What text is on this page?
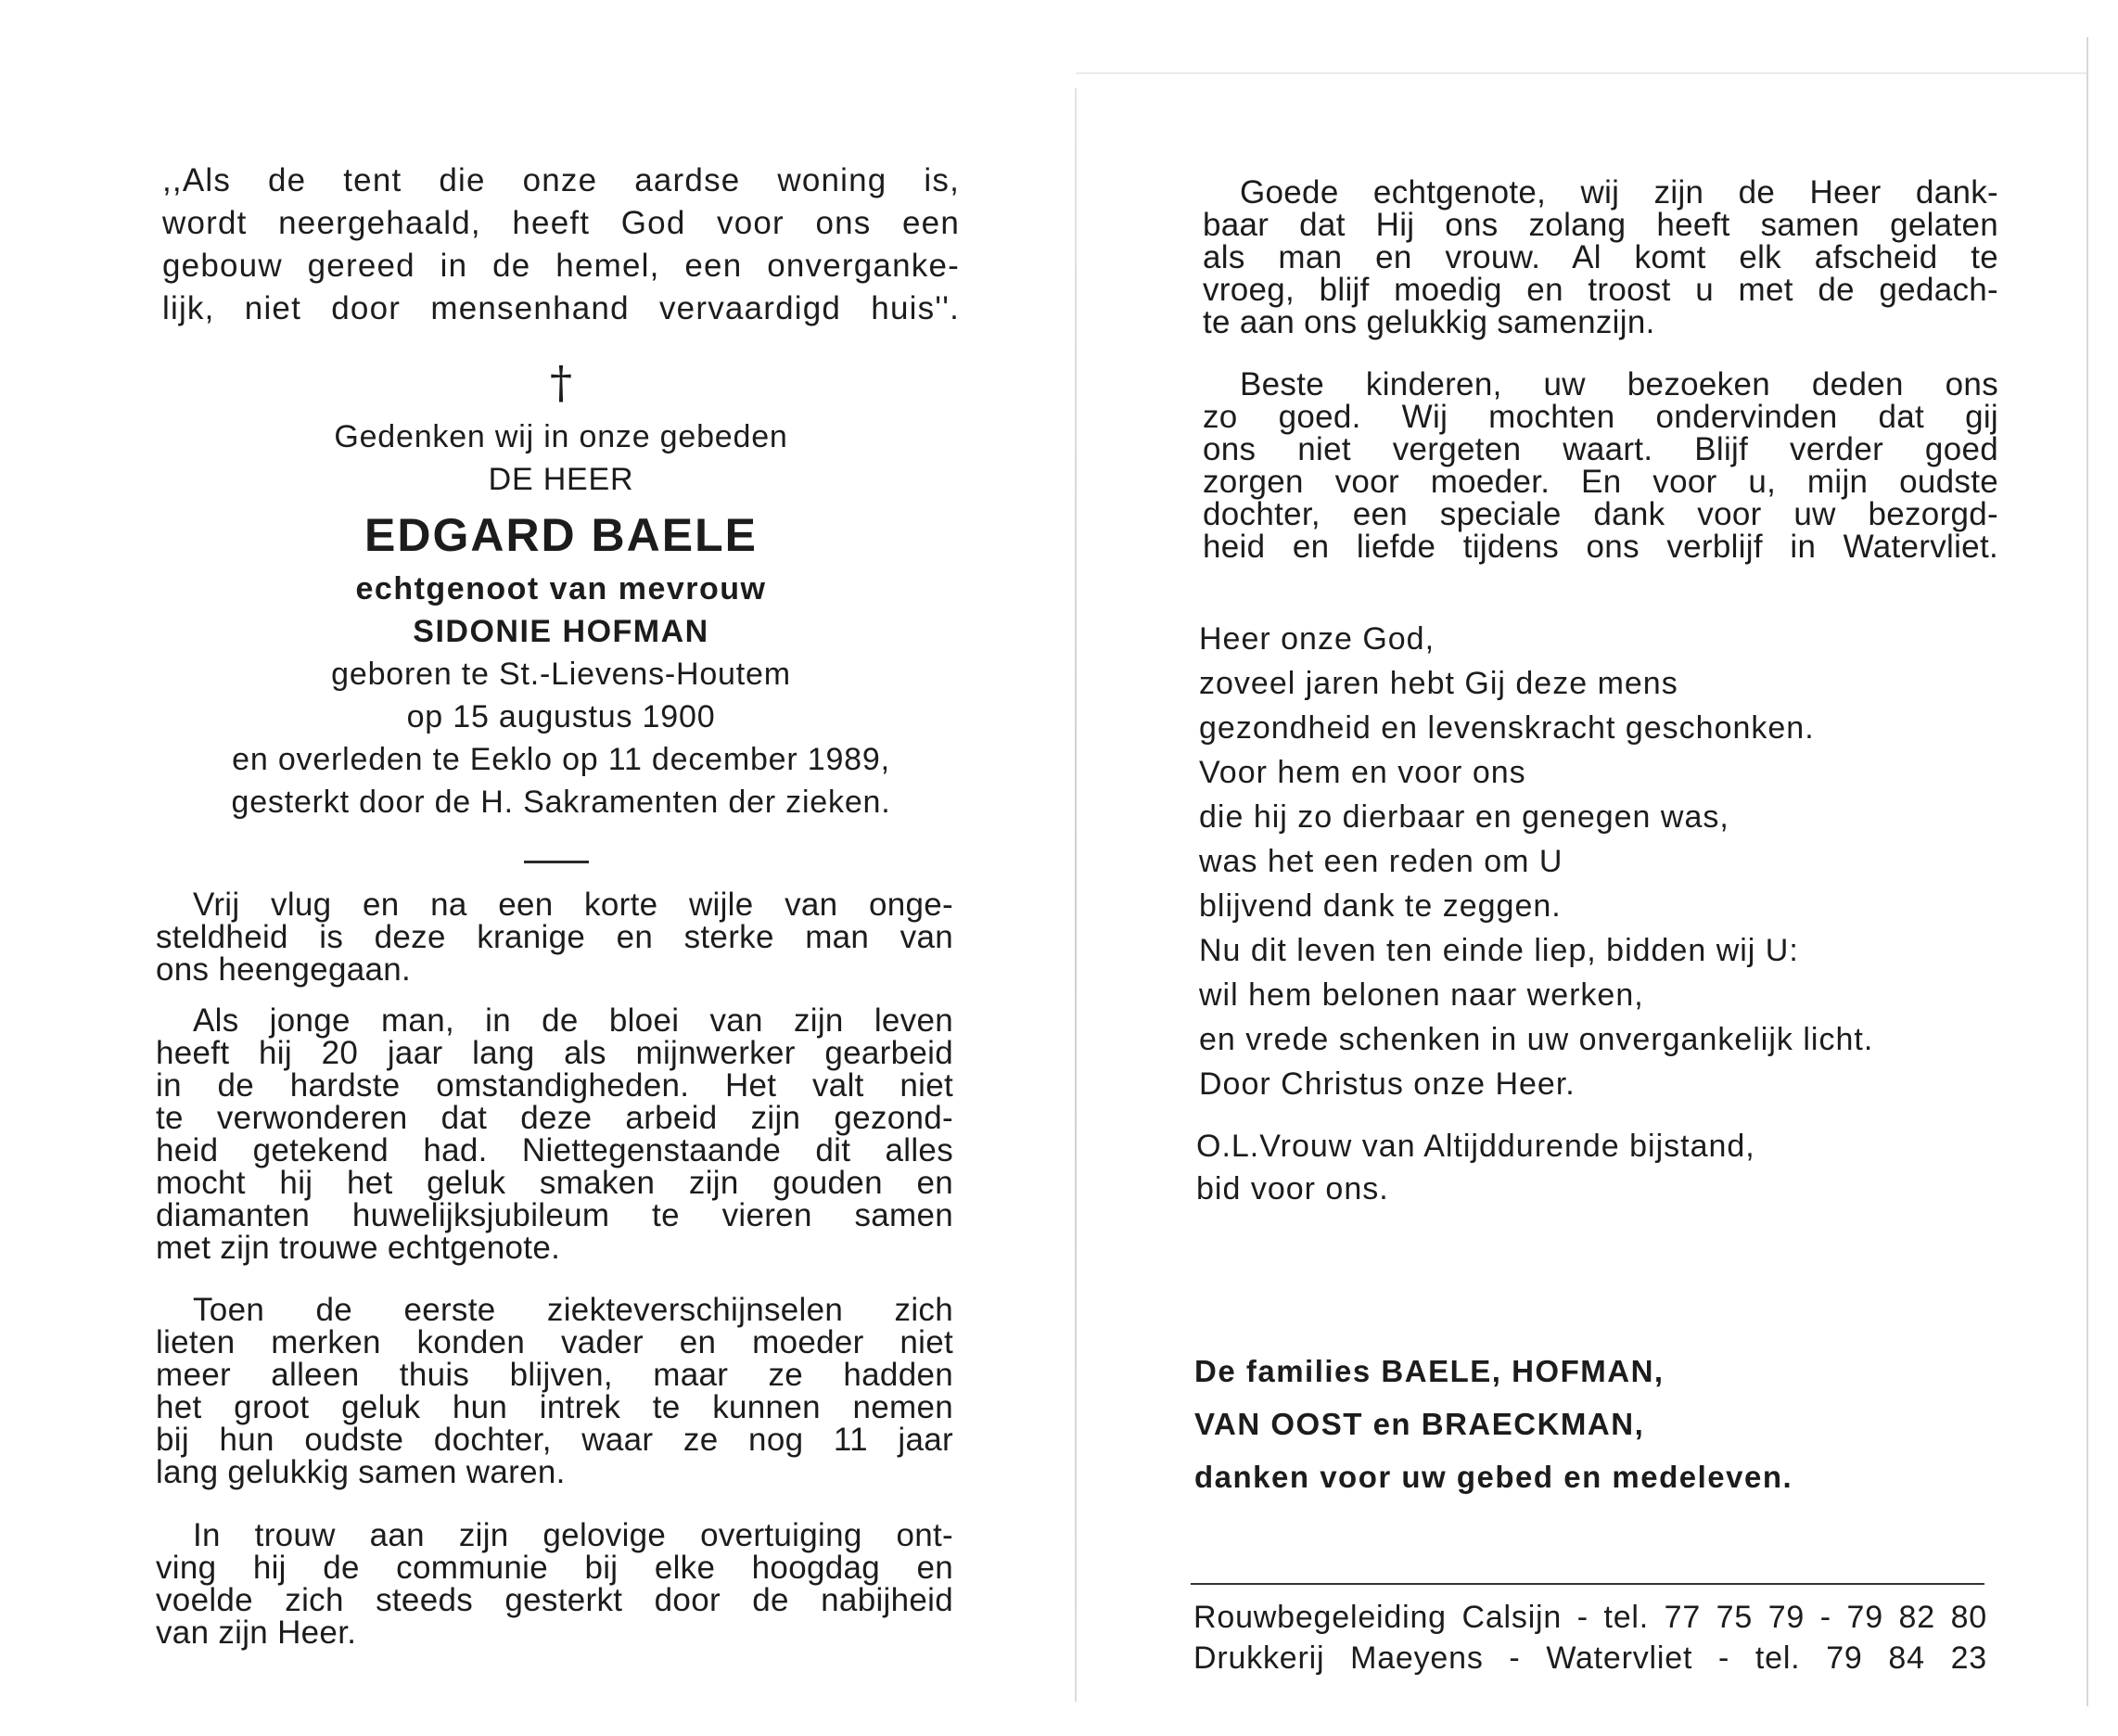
,,Als de tent die onze aardse woning is,
wordt neergehaald, heeft God voor ons een
gebouw gereed in de hemel, een onverganke-
lijk, niet door mensenhand vervaardigd huis''.
†
Gedenken wij in onze gebeden
DE HEER
EDGARD BAELE
echtgenoot van mevrouw
SIDONIE HOFMAN
geboren te St.-Lievens-Houtem
op 15 augustus 1900
en overleden te Eeklo op 11 december 1989,
gesterkt door de H. Sakramenten der zieken.
Vrij vlug en na een korte wijle van onge-
steldheid is deze kranige en sterke man van
ons heengegaan.
Als jonge man, in de bloei van zijn leven
heeft hij 20 jaar lang als mijnwerker gearbeid
in de hardste omstandigheden. Het valt niet
te verwonderen dat deze arbeid zijn gezond-
heid getekend had. Niettegenstaande dit alles
mocht hij het geluk smaken zijn gouden en
diamanten huwelijksjubileum te vieren samen
met zijn trouwe echtgenote.
Toen de eerste ziekteverschijnselen zich
lieten merken konden vader en moeder niet
meer alleen thuis blijven, maar ze hadden
het groot geluk hun intrek te kunnen nemen
bij hun oudste dochter, waar ze nog 11 jaar
lang gelukkig samen waren.
In trouw aan zijn gelovige overtuiging ont-
ving hij de communie bij elke hoogdag en
voelde zich steeds gesterkt door de nabijheid
van zijn Heer.
Goede echtgenote, wij zijn de Heer dank-
baar dat Hij ons zolang heeft samen gelaten
als man en vrouw. Al komt elk afscheid te
vroeg, blijf moedig en troost u met de gedach-
te aan ons gelukkig samenzijn.
Beste kinderen, uw bezoeken deden ons
zo goed. Wij mochten ondervinden dat gij
ons niet vergeten waart. Blijf verder goed
zorgen voor moeder. En voor u, mijn oudste
dochter, een speciale dank voor uw bezorgd-
heid en liefde tijdens ons verblijf in Watervliet.
Heer onze God,
zoveel jaren hebt Gij deze mens
gezondheid en levenskracht geschonken.
Voor hem en voor ons
die hij zo dierbaar en genegen was,
was het een reden om U
blijvend dank te zeggen.
Nu dit leven ten einde liep, bidden wij U:
wil hem belonen naar werken,
en vrede schenken in uw onvergankelijk licht.
Door Christus onze Heer.
O.L.Vrouw van Altijddurende bijstand,
bid voor ons.
De families BAELE, HOFMAN,
VAN OOST en BRAECKMAN,
danken voor uw gebed en medeleven.
Rouwbegeleiding Calsijn - tel. 77 75 79 - 79 82 80
Drukkerij Maeyens - Watervliet - tel. 79 84 23
